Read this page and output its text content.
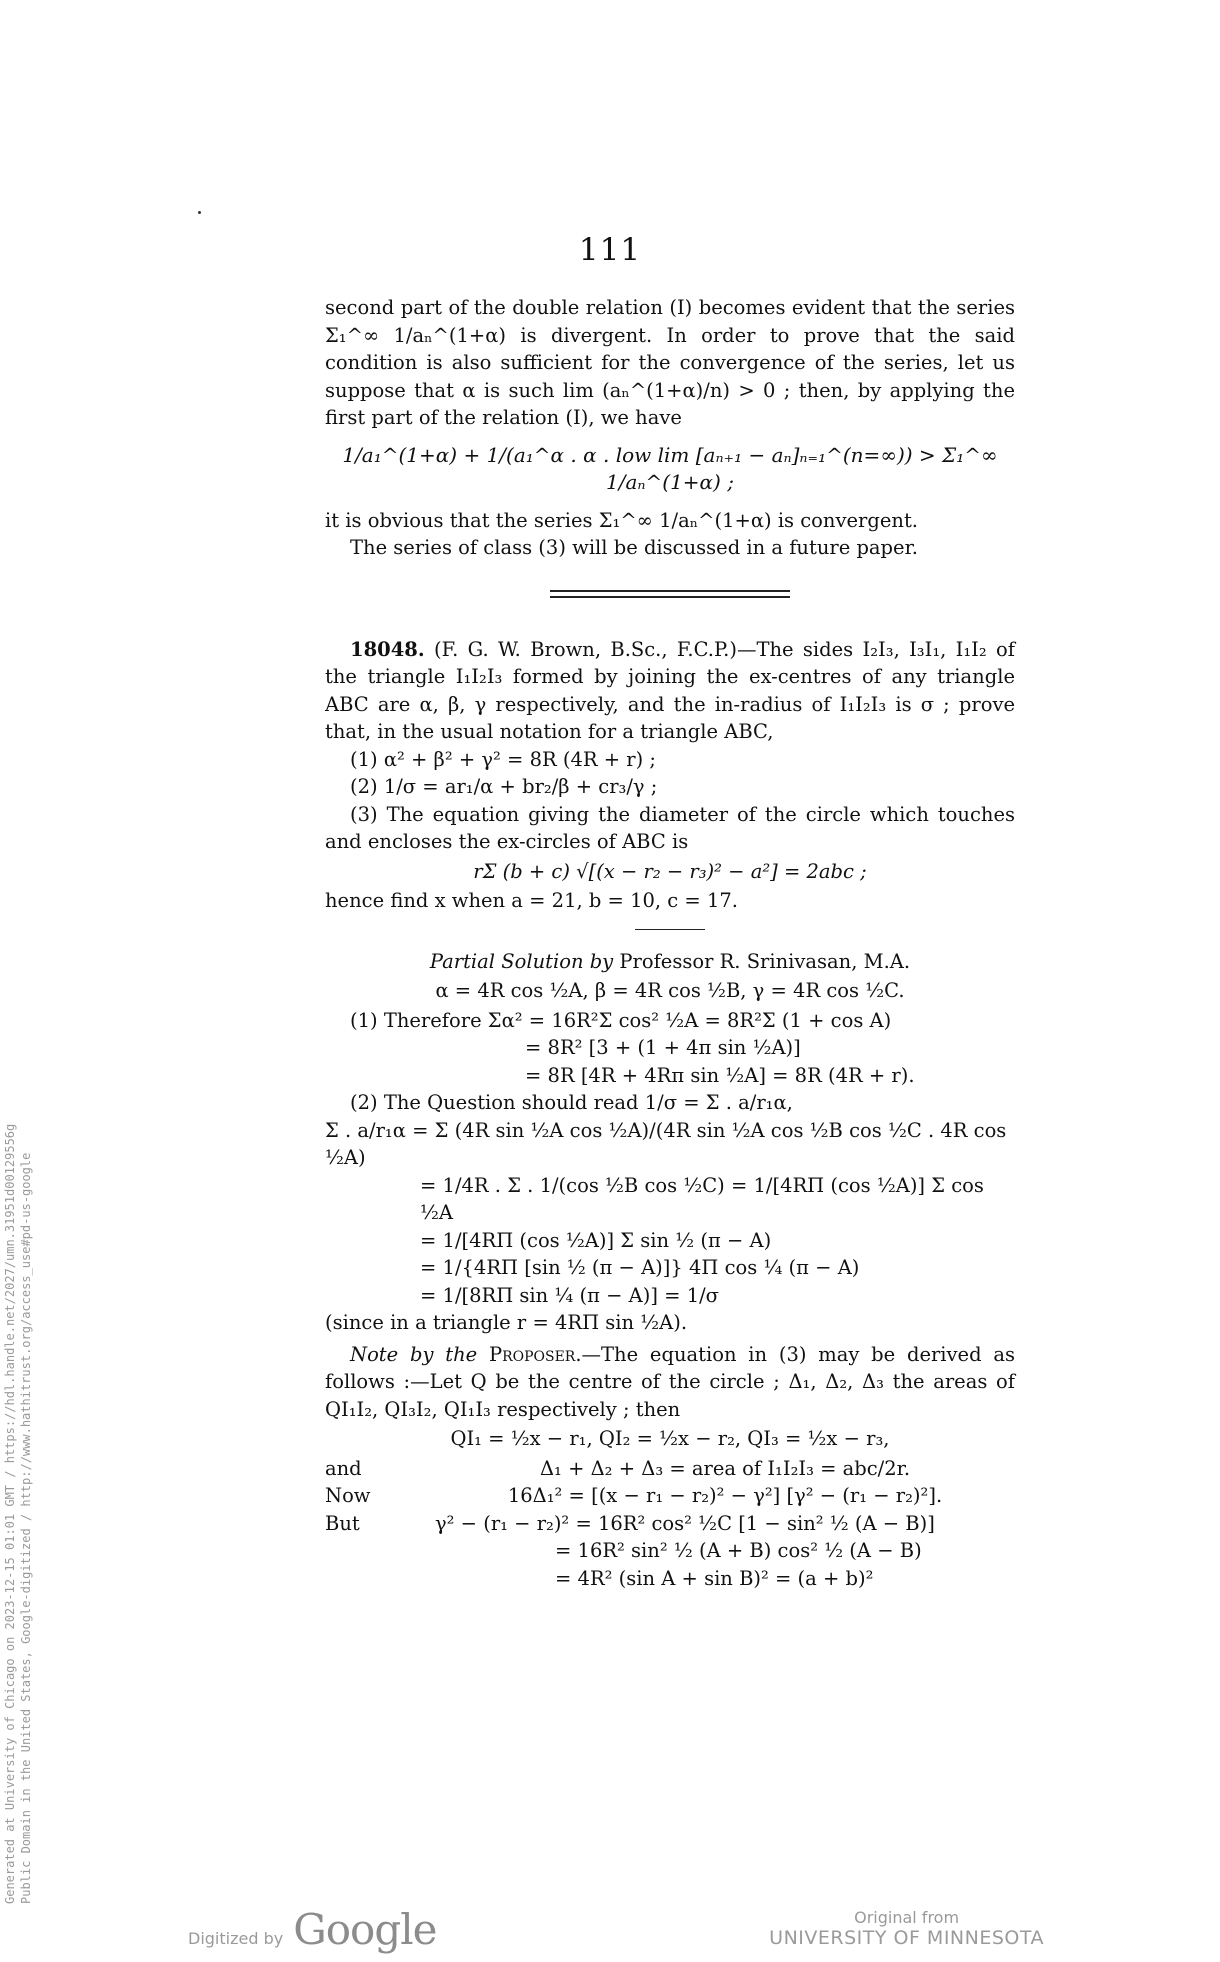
111

second part of the double relation (I) becomes evident that the series Σ₁^∞ 1/aₙ^(1+α) is divergent. In order to prove that the said condition is also sufficient for the convergence of the series, let us suppose that α is such lim (aₙ^(1+α)/n) > 0 ; then, by applying the first part of the relation (I), we have

1/a₁^(1+α) + 1/(a₁^α . α . low lim [aₙ₊₁ − aₙ]ₙ₌₁^(n=∞)) > Σ₁^∞ 1/aₙ^(1+α) ;

it is obvious that the series Σ₁^∞ 1/aₙ^(1+α) is convergent.

The series of class (3) will be discussed in a future paper.

18048. (F. G. W. Brown, B.Sc., F.C.P.)—The sides I₂I₃, I₃I₁, I₁I₂ of the triangle I₁I₂I₃ formed by joining the ex-centres of any triangle ABC are α, β, γ respectively, and the in-radius of I₁I₂I₃ is σ ; prove that, in the usual notation for a triangle ABC,

(1) α² + β² + γ² = 8R (4R + r) ;
(2) 1/σ = ar₁/α + br₂/β + cr₃/γ ;

(3) The equation giving the diameter of the circle which touches and encloses the ex-circles of ABC is

rΣ (b + c) √[(x − r₂ − r₃)² − a²] = 2abc ;
hence find x when a = 21, b = 10, c = 17.
Partial Solution by Professor R. Srinivasan, M.A.
α = 4R cos ½A, β = 4R cos ½B, γ = 4R cos ½C.
(1) Therefore Σα² = 16R²Σ cos² ½A = 8R²Σ (1 + cos A)
= 8R² [3 + (1 + 4π sin ½A)]
= 8R [4R + 4Rπ sin ½A] = 8R (4R + r).
(2) The Question should read 1/σ = Σ . a/r₁α,
Σ . a/r₁α = Σ (4R sin ½A cos ½A)/(4R sin ½A cos ½B cos ½C . 4R cos ½A)
= 1/4R . Σ . 1/(cos ½B cos ½C) = 1/[4RΠ (cos ½A)] Σ cos ½A
= 1/[4RΠ (cos ½A)] Σ sin ½ (π − A)
= 1/{4RΠ [sin ½ (π − A)]} 4Π cos ¼ (π − A)
= 1/[8RΠ sin ¼ (π − A)] = 1/σ
(since in a triangle r = 4RΠ sin ½A).

Note by the Proposer.—The equation in (3) may be derived as follows :—Let Q be the centre of the circle ; Δ₁, Δ₂, Δ₃ the areas of QI₁I₂, QI₃I₂, QI₁I₃ respectively ; then

QI₁ = ½x − r₁, QI₂ = ½x − r₂, QI₃ = ½x − r₃,
and	Δ₁ + Δ₂ + Δ₃ = area of I₁I₂I₃ = abc/2r.
Now	16Δ₁² = [(x − r₁ − r₂)² − γ²] [γ² − (r₁ − r₂)²].
But	γ² − (r₁ − r₂)² = 16R² cos² ½C [1 − sin² ½ (A − B)]
= 16R² sin² ½ (A + B) cos² ½ (A − B)
= 4R² (sin A + sin B)² = (a + b)²
Generated at University of Chicago on 2023-12-15 01:01 GMT / https://hdl.handle.net/2027/umn.31951d00129556g Public Domain in the United States, Google-digitized / http://www.hathitrust.org/access_use#pd-us-google
Digitized by Google	Original from
UNIVERSITY OF MINNESOTA
